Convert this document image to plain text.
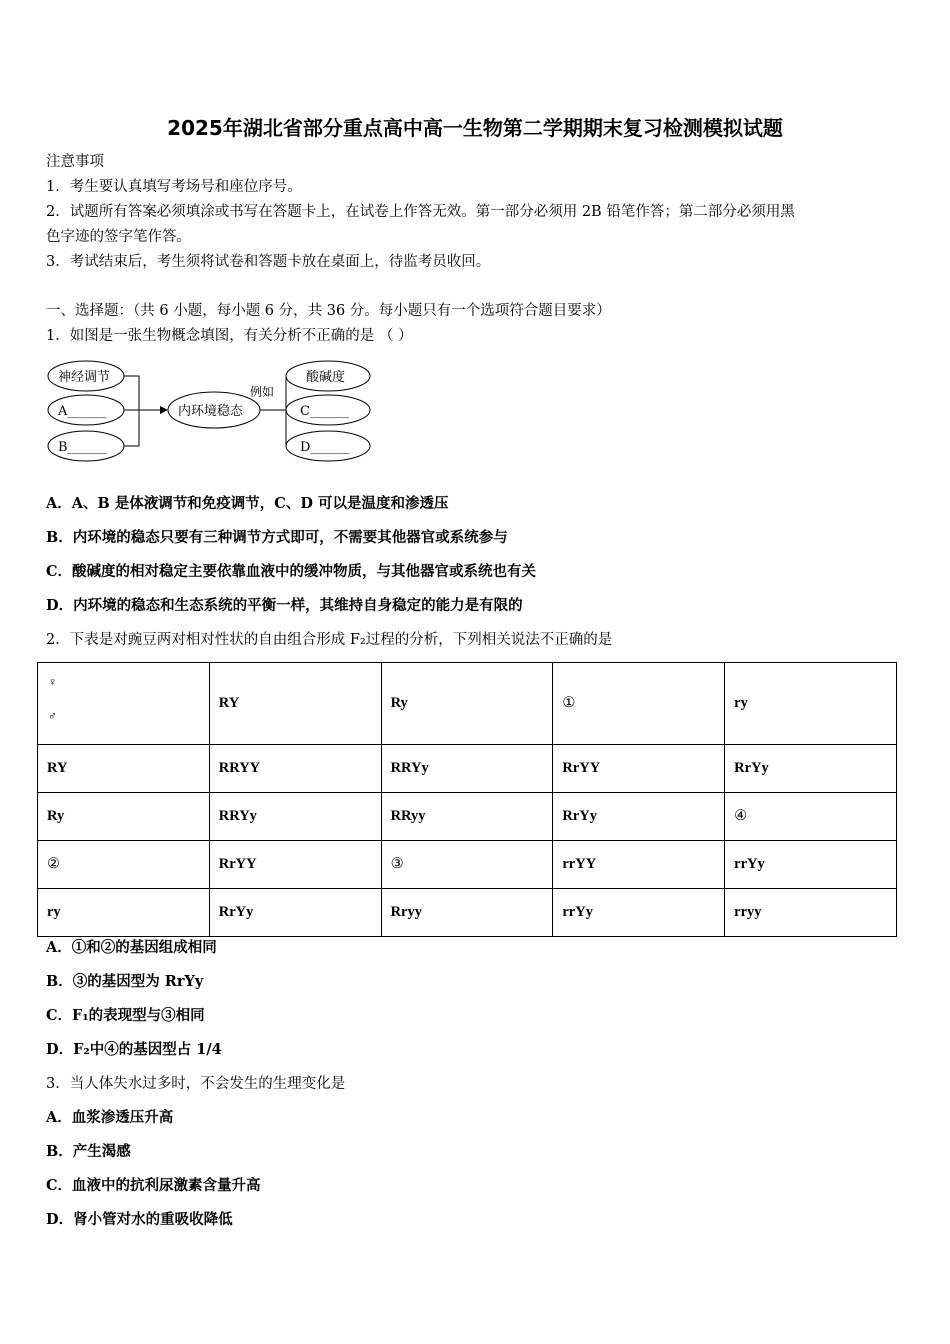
2025年湖北省部分重点高中高一生物第二学期期末复习检测模拟试题
注意事项
1．考生要认真填写考场号和座位序号。
2．试题所有答案必须填涂或书写在答题卡上，在试卷上作答无效。第一部分必须用 2B 铅笔作答；第二部分必须用黑
色字迹的签字笔作答。
3．考试结束后，考生须将试卷和答题卡放在桌面上，待监考员收回。
一、选择题：（共 6 小题，每小题 6 分，共 36 分。每小题只有一个选项符合题目要求）
1．如图是一张生物概念填图，有关分析不正确的是 （ ）
神经调节
A______
B______
内环境稳态
例如
酸碱度
C______
D______
A．A、B 是体液调节和免疫调节，C、D 可以是温度和渗透压
B．内环境的稳态只要有三种调节方式即可，不需要其他器官或系统参与
C．酸碱度的相对稳定主要依靠血液中的缓冲物质，与其他器官或系统也有关
D．内环境的稳态和生态系统的平衡一样，其维持自身稳定的能力是有限的
2．下表是对豌豆两对相对性状的自由组合形成 F₂过程的分析，下列相关说法不正确的是
♀
♂	RY	Ry	①	ry
RY	RRYY	RRYy	RrYY	RrYy
Ry	RRYy	RRyy	RrYy	④
②	RrYY	③	rrYY	rrYy
ry	RrYy	Rryy	rrYy	rryy
A．①和②的基因组成相同
B．③的基因型为 RrYy
C．F₁的表现型与③相同
D．F₂中④的基因型占 1/4
3．当人体失水过多时，不会发生的生理变化是
A．血浆渗透压升高
B．产生渴感
C．血液中的抗利尿激素含量升高
D．肾小管对水的重吸收降低
